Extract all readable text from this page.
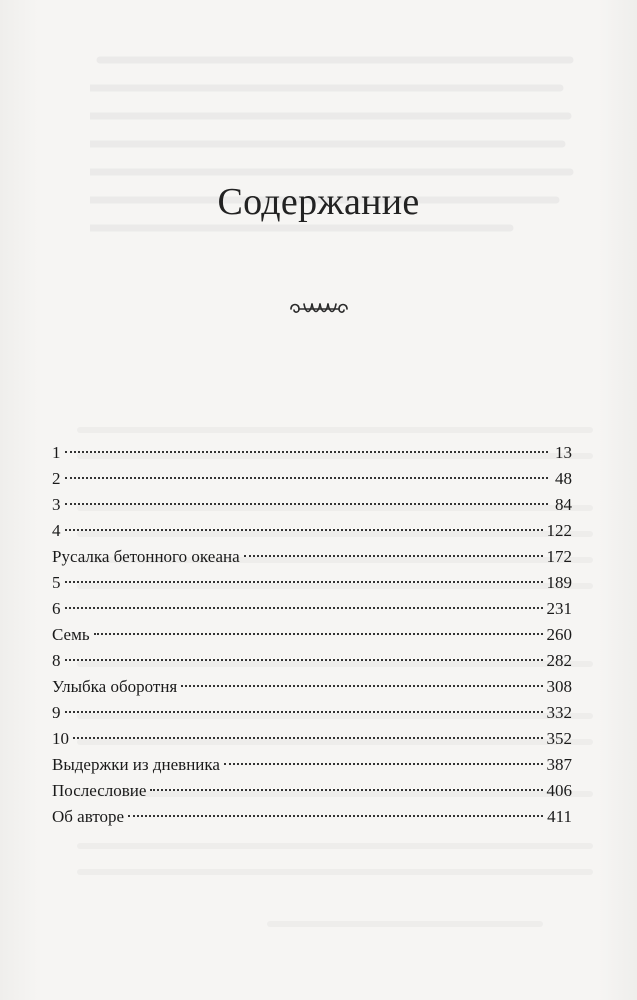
Содержание
1	13
2	48
3	84
4	122
Русалка бетонного океана	172
5	189
6	231
Семь	260
8	282
Улыбка оборотня	308
9	332
10	352
Выдержки из дневника	387
Послесловие	406
Об авторе	411
